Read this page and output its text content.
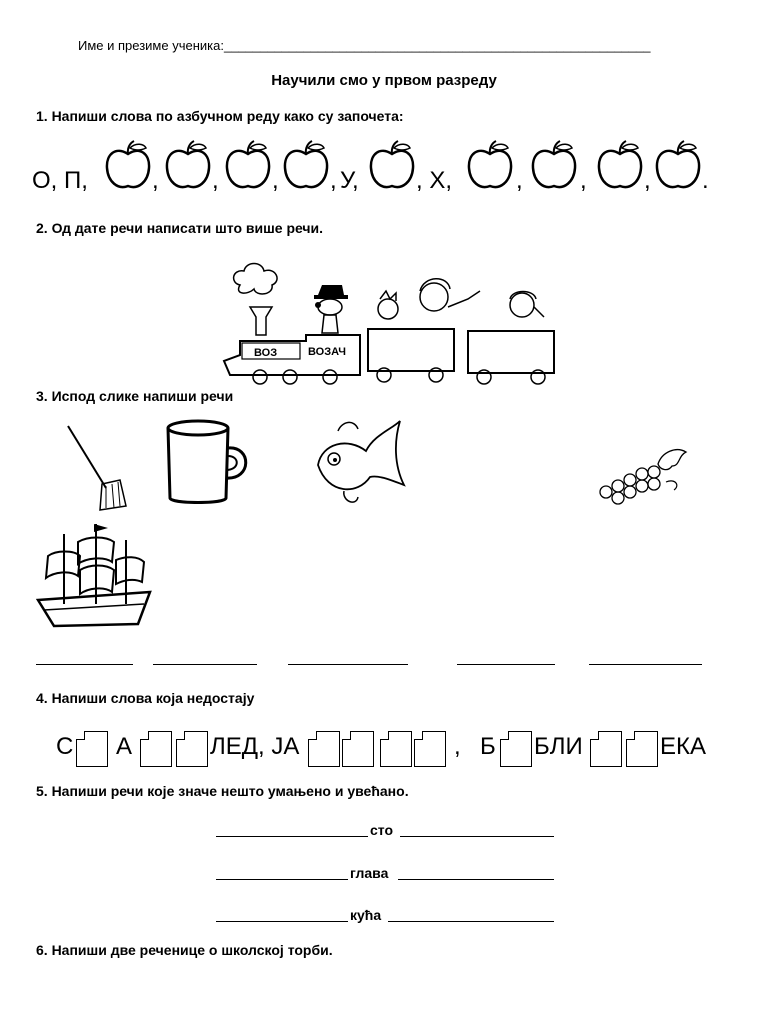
Име и презиме ученика:___________________________________________________________
Научили смо у првом разреду
1. Напиши слова по азбучном реду како су започета:
О, П,	, , , , У, , Х,	, , , .
2. Од дате речи написати што више речи.
ВОЗ	ВОЗАЧ
3. Испод слике напиши речи
4. Напиши слова која недостају
С А	ЛЕД, ЈА	, Б БЛИ	ЕКА
5. Напиши речи које значе нешто умањено и увећано.
сто
глава
кућа
6. Напиши две реченице о школској торби.
